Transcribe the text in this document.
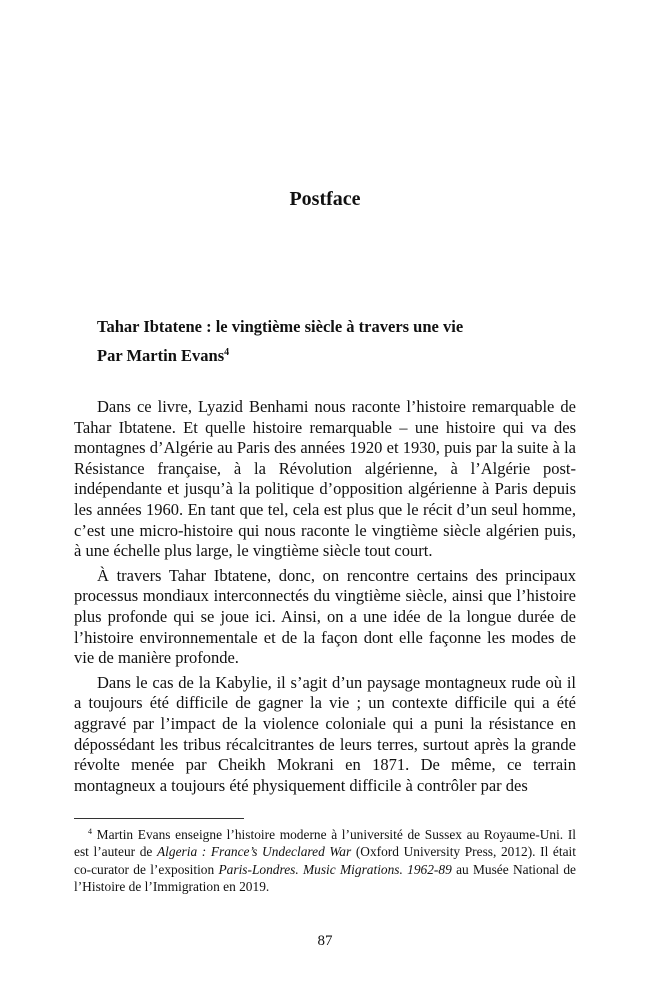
Postface
Tahar Ibtatene : le vingtième siècle à travers une vie
Par Martin Evans$^4$

Dans ce livre, Lyazid Benhami nous raconte l’histoire remarquable de Tahar Ibtatene. Et quelle histoire remarquable – une histoire qui va des montagnes d’Algérie au Paris des années 1920 et 1930, puis par la suite à la Résistance française, à la Révolution algérienne, à l’Algérie post-indépendante et jusqu’à la politique d’opposition algérienne à Paris depuis les années 1960. En tant que tel, cela est plus que le récit d’un seul homme, c’est une micro-histoire qui nous raconte le vingtième siècle algérien puis, à une échelle plus large, le vingtième siècle tout court.

À travers Tahar Ibtatene, donc, on rencontre certains des principaux processus mondiaux interconnectés du vingtième siècle, ainsi que l’histoire plus profonde qui se joue ici. Ainsi, on a une idée de la longue durée de l’histoire environnementale et de la façon dont elle façonne les modes de vie de manière profonde.

Dans le cas de la Kabylie, il s’agit d’un paysage montagneux rude où il a toujours été difficile de gagner la vie ; un contexte difficile qui a été aggravé par l’impact de la violence coloniale qui a puni la résistance en dépossédant les tribus récalcitrantes de leurs terres, surtout après la grande révolte menée par Cheikh Mokrani en 1871. De même, ce terrain montagneux a toujours été physiquement difficile à contrôler par des

$^4$ Martin Evans enseigne l’histoire moderne à l’université de Sussex au Royaume-Uni. Il est l’auteur de Algeria : France’s Undeclared War (Oxford University Press, 2012). Il était co-curator de l’exposition Paris-Londres. Music Migrations. 1962-89 au Musée National de l’Histoire de l’Immigration en 2019.
87
